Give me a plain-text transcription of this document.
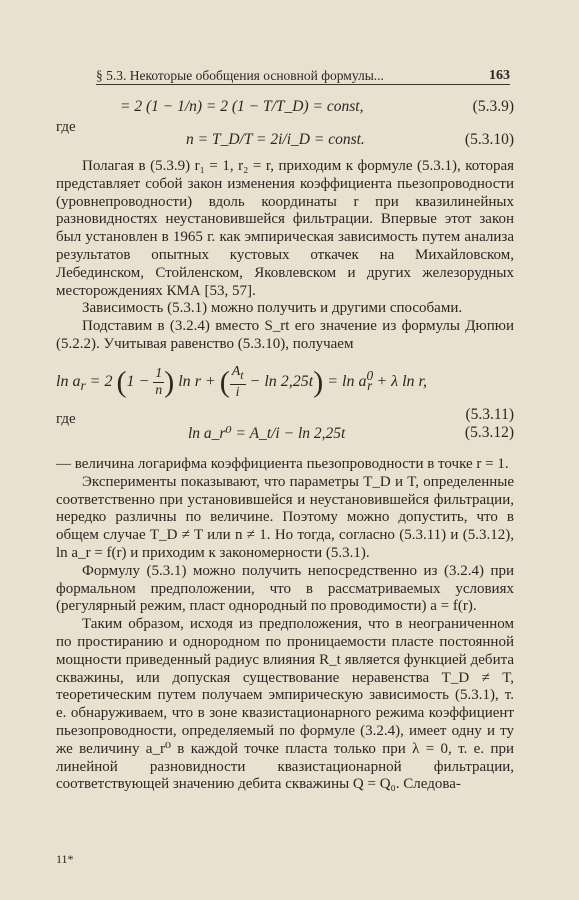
§ 5.3. Некоторые обобщения основной формулы...	163
= 2 (1 − 1/n) = 2 (1 − T/T_D) = const,	(5.3.9)
где
n = T_D/T = 2i/i_D = const.	(5.3.10)

Полагая в (5.3.9) r₁ = 1, r₂ = r, приходим к формуле (5.3.1), которая представляет собой закон изменения коэффициента пьезопроводности (уровнепроводности) вдоль координаты r при квазилинейных разновидностях неустановившейся фильтрации. Впервые этот закон был установлен в 1965 г. как эмпирическая зависимость путем анализа результатов опытных кустовых откачек на Михайловском, Лебединском, Стойленском, Яковлевском и других железорудных месторождениях КМА [53, 57].

Зависимость (5.3.1) можно получить и другими способами.

Подставим в (3.2.4) вместо S_rt его значение из формулы Дюпюи (5.2.2). Учитывая равенство (5.3.10), получаем

$\ln a_r = 2$ ($1 - \frac{1}{n}$ ) ln r + ( $\frac{A_t}{i} - \ln 2,25t) = \ln a^0_r + \lambda$ ln r,
где	(5.3.11)
ln a_r⁰ = A_t/i − ln 2,25t	(5.3.12)

— величина логарифма коэффициента пьезопроводности в точке r = 1.

Эксперименты показывают, что параметры T_D и T, определенные соответственно при установившейся и неустановившейся фильтрации, нередко различны по величине. Поэтому можно допустить, что в общем случае T_D ≠ T или n ≠ 1. Но тогда, согласно (5.3.11) и (5.3.12), ln a_r = f(r) и приходим к закономерности (5.3.1).

Формулу (5.3.1) можно получить непосредственно из (3.2.4) при формальном предположении, что в рассматриваемых условиях (регулярный режим, пласт однородный по проводимости) a = f(r).

Таким образом, исходя из предположения, что в неограниченном по простиранию и однородном по проницаемости пласте постоянной мощности приведенный радиус влияния R_t является функцией дебита скважины, или допуская существование неравенства T_D ≠ T, теоретическим путем получаем эмпирическую зависимость (5.3.1), т. е. обнаруживаем, что в зоне квазистационарного режима коэффициент пьезопроводности, определяемый по формуле (3.2.4), имеет одну и ту же величину a_r⁰ в каждой точке пласта только при λ = 0, т. е. при линейной разновидности квазистационарной фильтрации, соответствующей значению дебита скважины Q = Q₀. Следова-

11*
